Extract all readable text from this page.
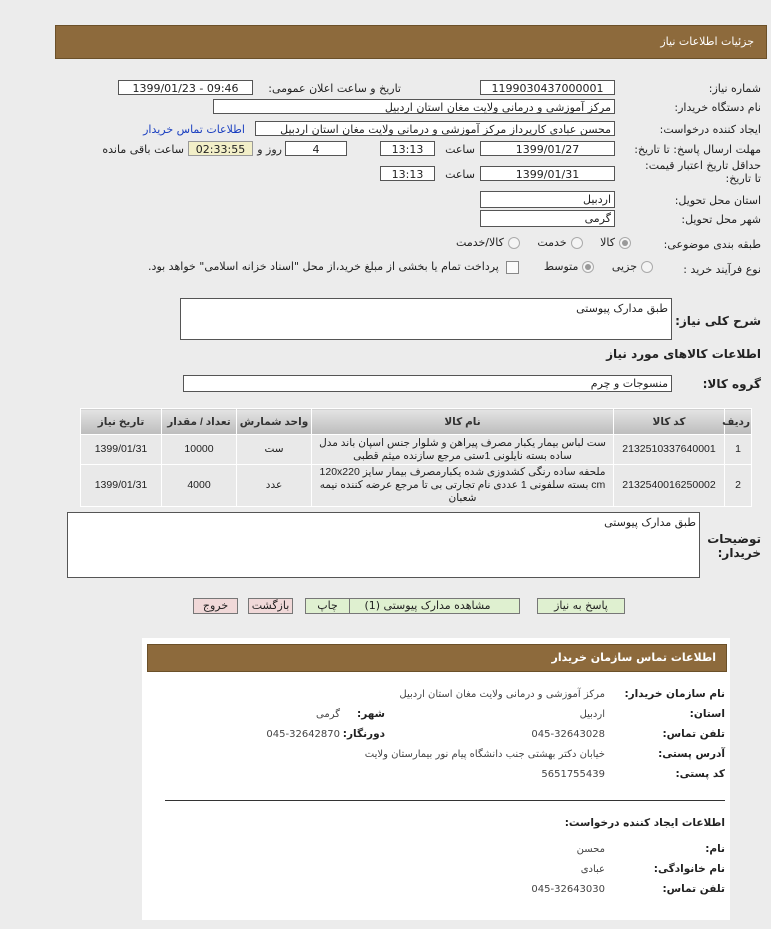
جزئیات اطلاعات نیاز
شماره نیاز:
1199030437000001
تاریخ و ساعت اعلان عمومی:
1399/01/23 - 09:46
نام دستگاه خریدار:
مرکز آموزشی و درمانی ولایت مغان استان اردبیل
ایجاد کننده درخواست:
محسن عبادی کارپرداز مرکز آموزشی و درمانی ولایت مغان استان اردبیل
اطلاعات تماس خریدار
مهلت ارسال پاسخ: تا تاریخ:
1399/01/27
ساعت
13:13
4
روز و
02:33:55
ساعت باقی مانده
حداقل تاریخ اعتبار قیمت: تا تاریخ:
1399/01/31
ساعت
13:13
استان محل تحویل:
اردبیل
شهر محل تحویل:
گرمی
طبقه بندی موضوعی:
کالا     خدمت     کالا/خدمت
نوع فرآیند خرید :
جزیی     متوسط        پرداخت تمام یا بخشی از مبلغ خرید،از محل "اسناد خزانه اسلامی" خواهد بود.
شرح کلی نیاز:
طبق مدارک پیوستی
اطلاعات کالاهای مورد نیاز
گروه کالا:
منسوجات و چرم
ردیف	کد کالا	نام کالا	واحد شمارش	تعداد / مقدار	تاریخ نیاز
1	2132510337640001	ست لباس بیمار یکبار مصرف پیراهن و شلوار جنس اسپان باند مدل ساده بسته نایلونی 1ستی مرجع سازنده میثم قطبی	ست	10000	1399/01/31
2	2132540016250002	ملحفه ساده رنگی کشدوزی شده یکبارمصرف بیمار سایز 120x220 cm بسته سلفونی 1 عددی نام تجارتی بی تا مرجع عرضه کننده نیمه شعبان	عدد	4000	1399/01/31
توضیحات خریدار:
طبق مدارک پیوستی
پاسخ به نیاز
مشاهده مدارک پیوستی (1)
چاپ
بازگشت
خروج
اطلاعات تماس سازمان خریدار
نام سازمان خریدار:
مرکز آموزشی و درمانی ولایت مغان استان اردبیل
استان:
اردبیل
شهر:
گرمی
تلفن تماس:
045-32643028
دورنگار:
045-32642870
آدرس پستی:
خیابان دکتر بهشتی جنب دانشگاه پیام نور بیمارستان ولایت
کد پستی:
5651755439
اطلاعات ایجاد کننده درخواست:
نام:
محسن
نام خانوادگی:
عبادی
تلفن تماس:
045-32643030
